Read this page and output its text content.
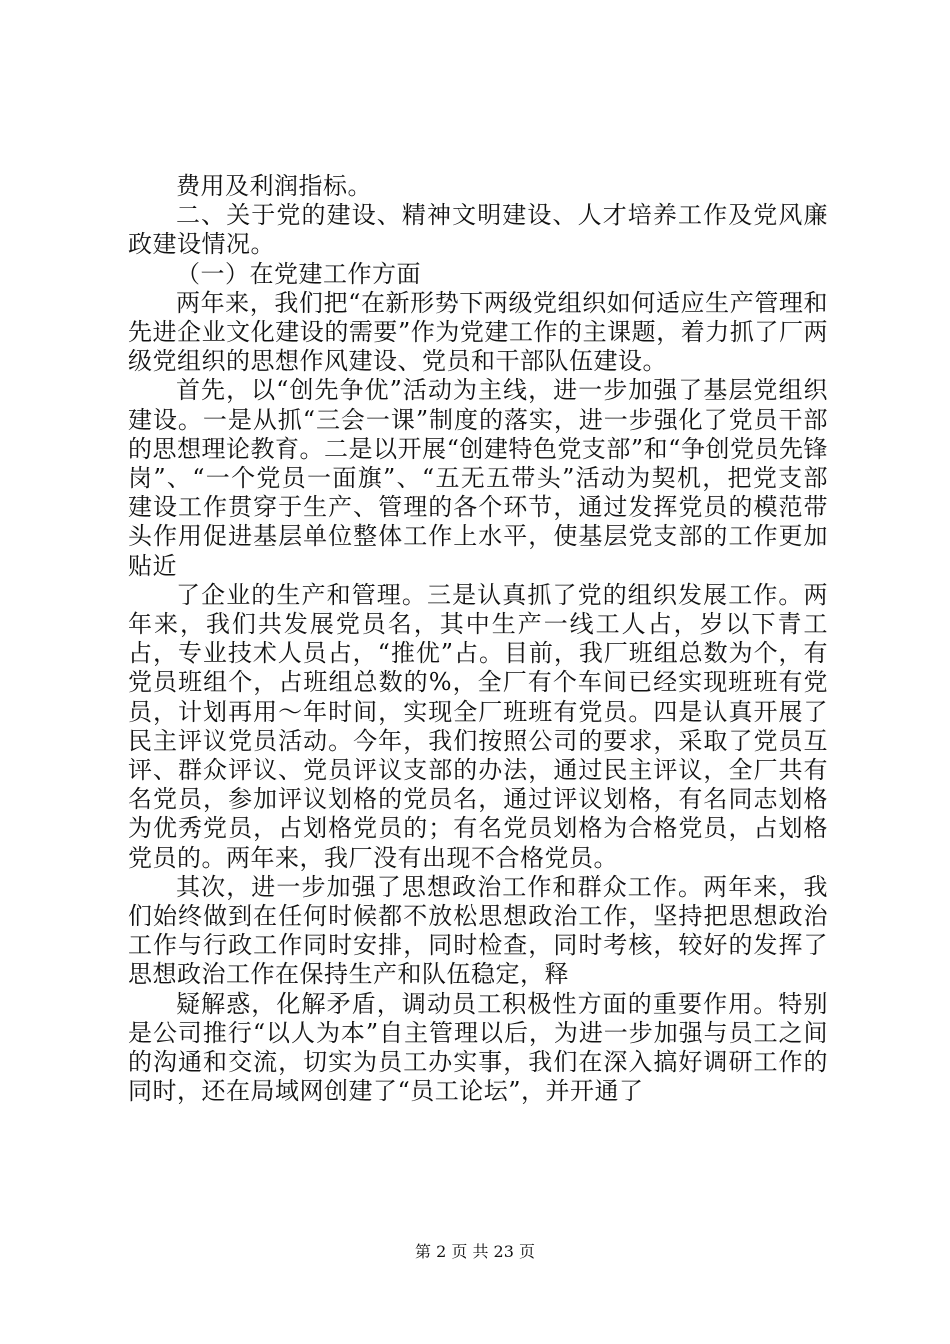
费用及利润指标。

二、关于党的建设、精神文明建设、人才培养工作及党风廉政建设情况。

（一）在党建工作方面

两年来，我们把“在新形势下两级党组织如何适应生产管理和先进企业文化建设的需要”作为党建工作的主课题，着力抓了厂两级党组织的思想作风建设、党员和干部队伍建设。

首先，以“创先争优”活动为主线，进一步加强了基层党组织建设。一是从抓“三会一课”制度的落实，进一步强化了党员干部的思想理论教育。二是以开展“创建特色党支部”和“争创党员先锋岗”、“一个党员一面旗”、“五无五带头”活动为契机，把党支部建设工作贯穿于生产、管理的各个环节，通过发挥党员的模范带头作用促进基层单位整体工作上水平，使基层党支部的工作更加贴近

了企业的生产和管理。三是认真抓了党的组织发展工作。两年来，我们共发展党员名，其中生产一线工人占，岁以下青工占，专业技术人员占，“推优”占。目前，我厂班组总数为个，有党员班组个，占班组总数的%，全厂有个车间已经实现班班有党员，计划再用～年时间，实现全厂班班有党员。四是认真开展了民主评议党员活动。今年，我们按照公司的要求，采取了党员互评、群众评议、党员评议支部的办法，通过民主评议，全厂共有名党员，参加评议划格的党员名，通过评议划格，有名同志划格为优秀党员，占划格党员的；有名党员划格为合格党员，占划格党员的。两年来，我厂没有出现不合格党员。

其次，进一步加强了思想政治工作和群众工作。两年来，我们始终做到在任何时候都不放松思想政治工作，坚持把思想政治工作与行政工作同时安排，同时检查，同时考核，较好的发挥了思想政治工作在保持生产和队伍稳定，释

疑解惑，化解矛盾，调动员工积极性方面的重要作用。特别是公司推行“以人为本”自主管理以后，为进一步加强与员工之间的沟通和交流，切实为员工办实事，我们在深入搞好调研工作的同时，还在局域网创建了“员工论坛”，并开通了

第 2 页 共 23 页
